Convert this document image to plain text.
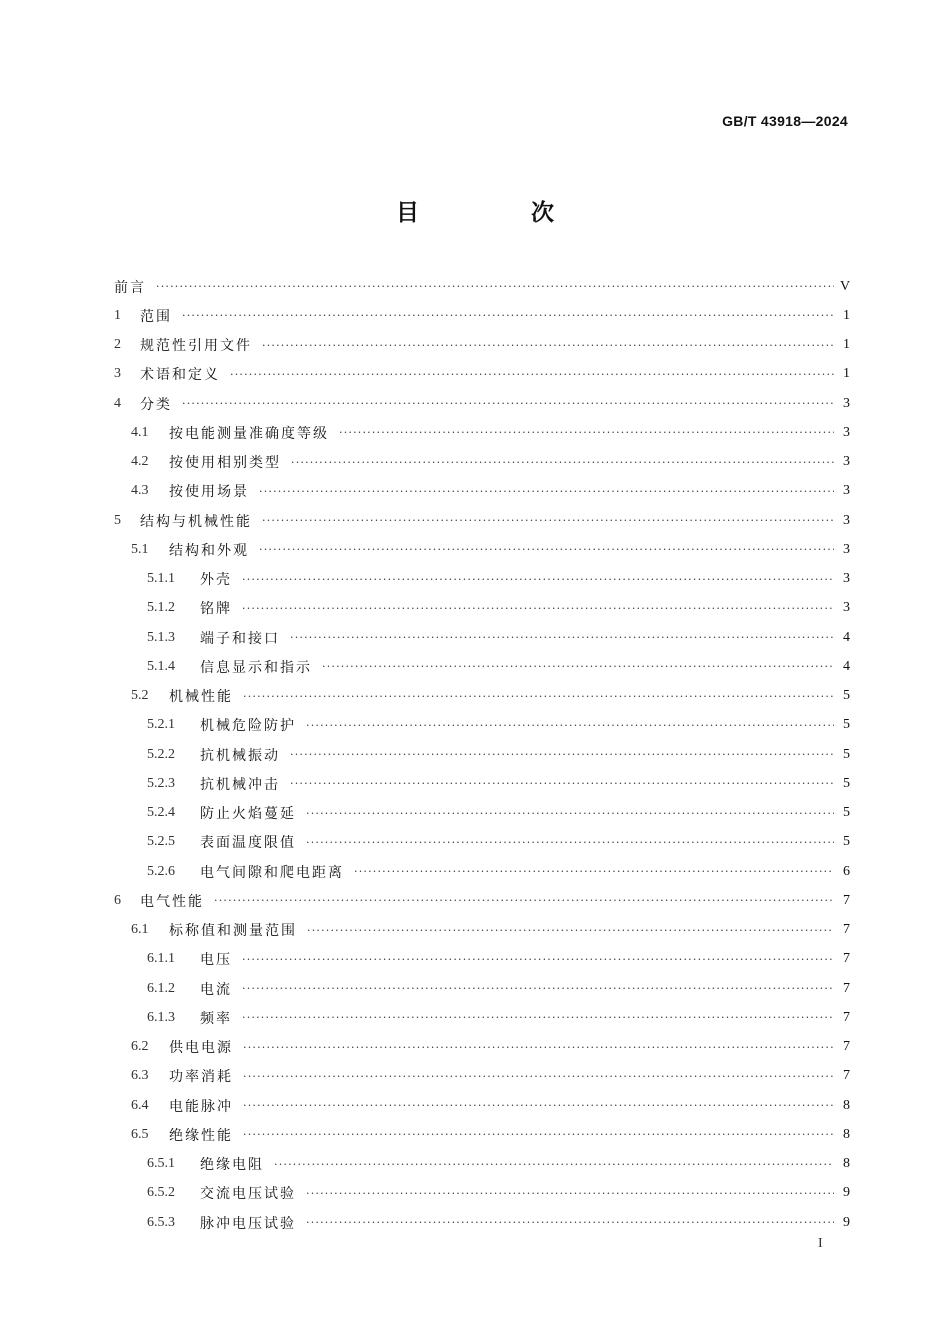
GB/T 43918—2024
目 次
前言 ·····	V
1	范围 ·····	1
2	规范性引用文件 ·····	1
3	术语和定义 ·····	1
4	分类 ·····	3
4.1	按电能测量准确度等级 ·····	3
4.2	按使用相别类型 ·····	3
4.3	按使用场景 ·····	3
5	结构与机械性能 ·····	3
5.1	结构和外观 ·····	3
5.1.1	外壳 ·····	3
5.1.2	铭牌 ·····	3
5.1.3	端子和接口 ·····	4
5.1.4	信息显示和指示 ·····	4
5.2	机械性能 ·····	5
5.2.1	机械危险防护 ·····	5
5.2.2	抗机械振动 ·····	5
5.2.3	抗机械冲击 ·····	5
5.2.4	防止火焰蔓延 ·····	5
5.2.5	表面温度限值 ·····	5
5.2.6	电气间隙和爬电距离 ·····	6
6	电气性能 ·····	7
6.1	标称值和测量范围 ·····	7
6.1.1	电压 ·····	7
6.1.2	电流 ·····	7
6.1.3	频率 ·····	7
6.2	供电电源 ·····	7
6.3	功率消耗 ·····	7
6.4	电能脉冲 ·····	8
6.5	绝缘性能 ·····	8
6.5.1	绝缘电阻 ·····	8
6.5.2	交流电压试验 ·····	9
6.5.3	脉冲电压试验 ·····	9
I
